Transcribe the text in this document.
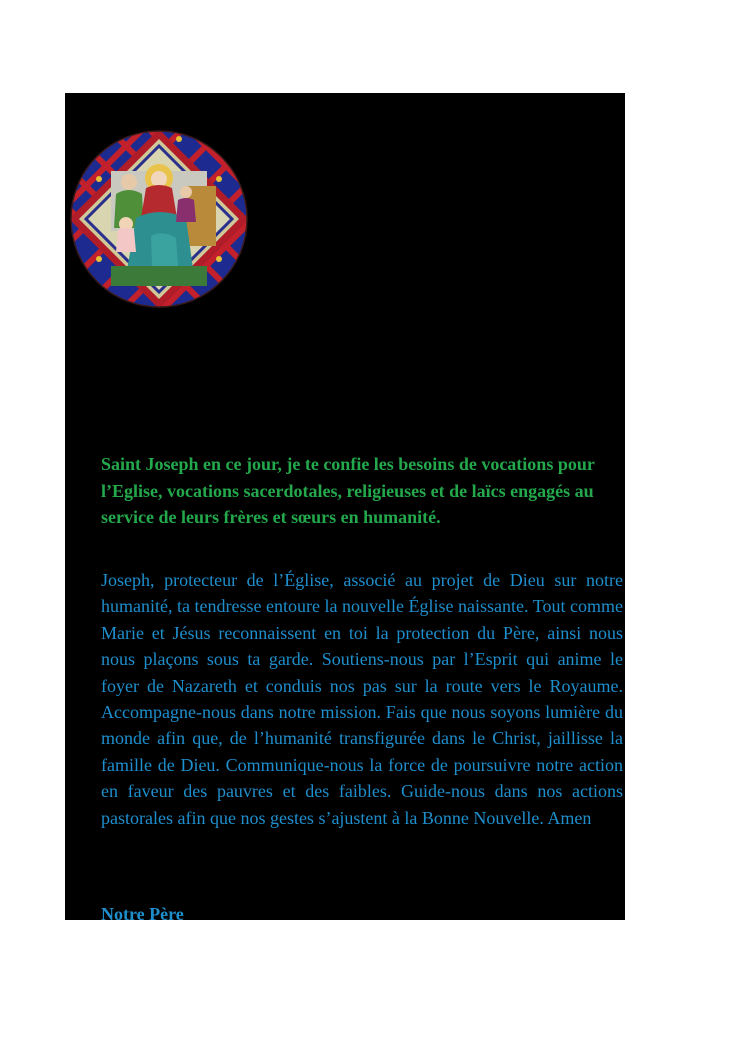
Saint Joseph en ce jour, je te confie les besoins de vocations pour l’Eglise, vocations sacerdotales, religieuses et de laïcs engagés au service de leurs frères et sœurs en humanité.

Joseph, protecteur de l’Église, associé au projet de Dieu sur notre humanité, ta tendresse entoure la nouvelle Église naissante. Tout comme Marie et Jésus reconnaissent en toi la protection du Père, ainsi nous nous plaçons sous ta garde. Soutiens-nous par l’Esprit qui anime le foyer de Nazareth et conduis nos pas sur la route vers le Royaume. Accompagne-nous dans notre mission. Fais que nous soyons lumière du monde afin que, de l’humanité transfigurée dans le Christ, jaillisse la famille de Dieu. Communique-nous la force de poursuivre notre action en faveur des pauvres et des faibles. Guide-nous dans nos actions pastorales afin que nos gestes s’ajustent à la Bonne Nouvelle. Amen

Notre Père
